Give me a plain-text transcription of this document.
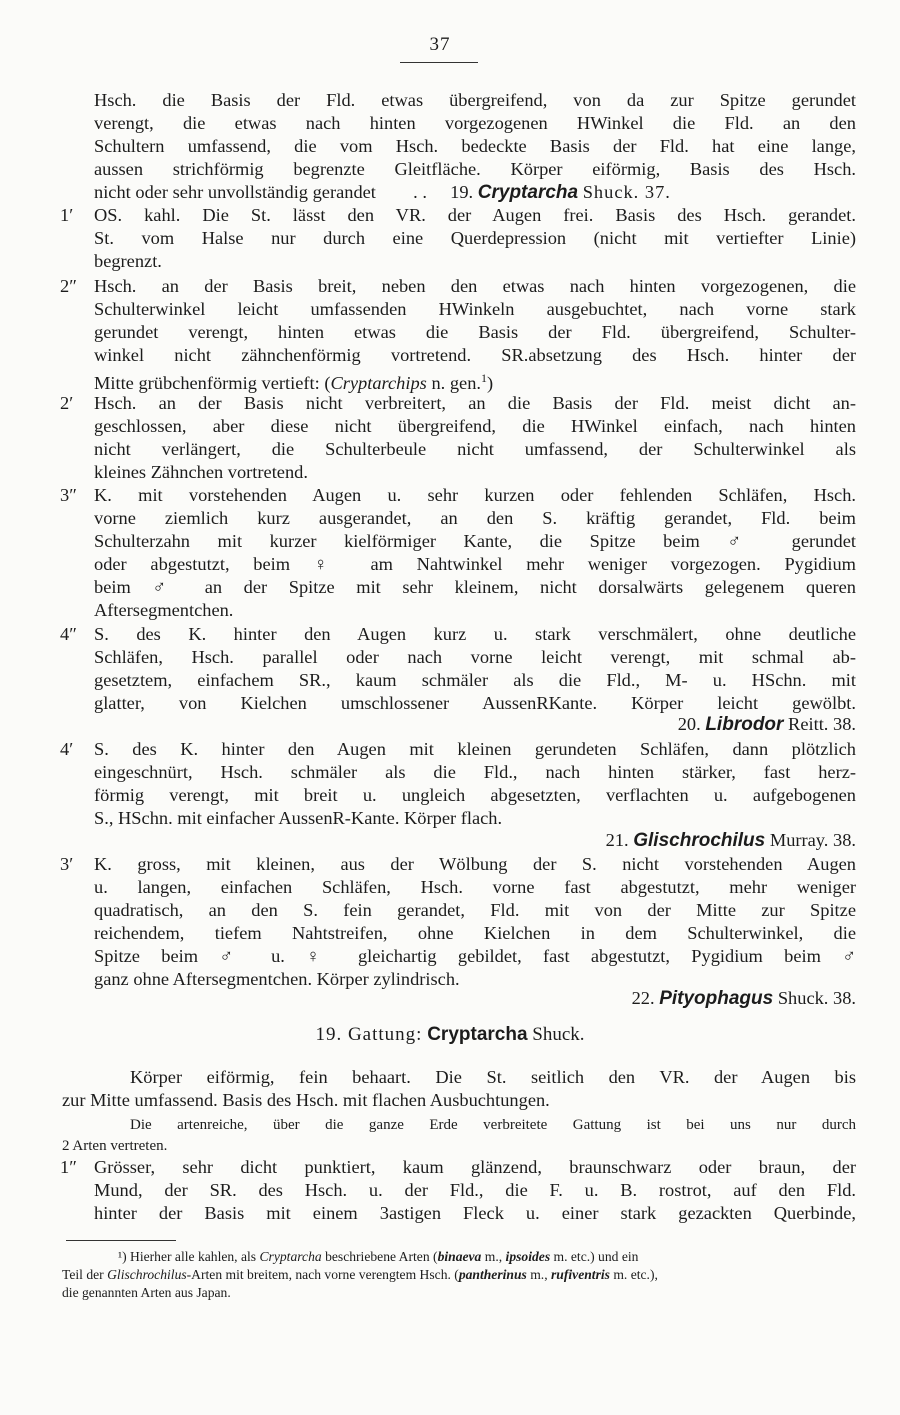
37
Hsch. die Basis der Fld. etwas übergreifend, von da zur Spitze gerundet
verengt, die etwas nach hinten vorgezogenen HWinkel die Fld. an den
Schultern umfassend, die vom Hsch. bedeckte Basis der Fld. hat eine lange,
aussen strichförmig begrenzte Gleitfläche. Körper eiförmig, Basis des Hsch.
nicht oder sehr unvollständig gerandet . . 19. Cryptarcha Shuck. 37.
1′ OS. kahl. Die St. lässt den VR. der Augen frei. Basis des Hsch. gerandet.
St. vom Halse nur durch eine Querdepression (nicht mit vertiefter Linie)
begrenzt.
2″ Hsch. an der Basis breit, neben den etwas nach hinten vorgezogenen, die
Schulterwinkel leicht umfassenden HWinkeln ausgebuchtet, nach vorne stark
gerundet verengt, hinten etwas die Basis der Fld. übergreifend, Schulter-
winkel nicht zähnchenförmig vortretend. SR.absetzung des Hsch. hinter der
Mitte grübchenförmig vertieft: (Cryptarchips n. gen.$^1$)
2′ Hsch. an der Basis nicht verbreitert, an die Basis der Fld. meist dicht an-
geschlossen, aber diese nicht übergreifend, die HWinkel einfach, nach hinten
nicht verlängert, die Schulterbeule nicht umfassend, der Schulterwinkel als
kleines Zähnchen vortretend.
3″ K. mit vorstehenden Augen u. sehr kurzen oder fehlenden Schläfen, Hsch.
vorne ziemlich kurz ausgerandet, an den S. kräftig gerandet, Fld. beim
Schulterzahn mit kurzer kielförmiger Kante, die Spitze beim ♂ gerundet
oder abgestutzt, beim ♀ am Nahtwinkel mehr weniger vorgezogen. Pygidium
beim ♂ an der Spitze mit sehr kleinem, nicht dorsalwärts gelegenem queren
Aftersegmentchen.
4″ S. des K. hinter den Augen kurz u. stark verschmälert, ohne deutliche
Schläfen, Hsch. parallel oder nach vorne leicht verengt, mit schmal ab-
gesetztem, einfachem SR., kaum schmäler als die Fld., M- u. HSchn. mit
glatter, von Kielchen umschlossener AussenRKante. Körper leicht gewölbt.
20. Librodor Reitt. 38.
4′ S. des K. hinter den Augen mit kleinen gerundeten Schläfen, dann plötzlich
eingeschnürt, Hsch. schmäler als die Fld., nach hinten stärker, fast herz-
förmig verengt, mit breit u. ungleich abgesetzten, verflachten u. aufgebogenen
S., HSchn. mit einfacher AussenR-Kante. Körper flach.
21. Glischrochilus Murray. 38.
3′ K. gross, mit kleinen, aus der Wölbung der S. nicht vorstehenden Augen
u. langen, einfachen Schläfen, Hsch. vorne fast abgestutzt, mehr weniger
quadratisch, an den S. fein gerandet, Fld. mit von der Mitte zur Spitze
reichendem, tiefem Nahtstreifen, ohne Kielchen in dem Schulterwinkel, die
Spitze beim ♂ u. ♀ gleichartig gebildet, fast abgestutzt, Pygidium beim ♂
ganz ohne Aftersegmentchen. Körper zylindrisch.
22. Pityophagus Shuck. 38.
19. Gattung: Cryptarcha Shuck.
Körper eiförmig, fein behaart. Die St. seitlich den VR. der Augen bis
zur Mitte umfassend. Basis des Hsch. mit flachen Ausbuchtungen.
Die artenreiche, über die ganze Erde verbreitete Gattung ist bei uns nur durch
2 Arten vertreten.
1″ Grösser, sehr dicht punktiert, kaum glänzend, braunschwarz oder braun, der
Mund, der SR. des Hsch. u. der Fld., die F. u. B. rostrot, auf den Fld.
hinter der Basis mit einem 3astigen Fleck u. einer stark gezackten Querbinde,
¹) Hierher alle kahlen, als Cryptarcha beschriebene Arten (binaeva m., ipsoides m. etc.) und ein
Teil der Glischrochilus-Arten mit breitem, nach vorne verengtem Hsch. (pantherinus m., rufiventris m. etc.),
die genannten Arten aus Japan.
